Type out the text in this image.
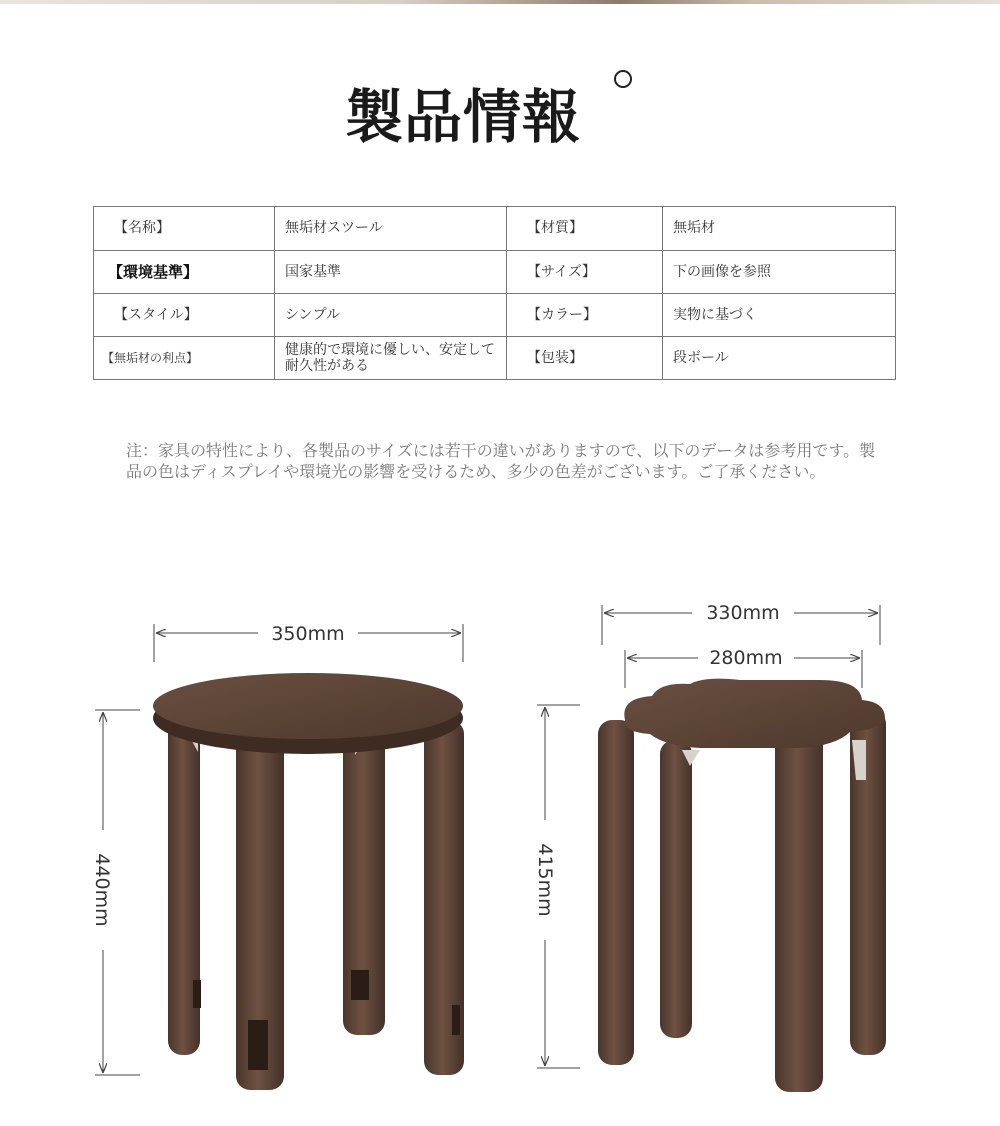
製品情報
【名称】	無垢材スツール	【材質】	無垢材
【環境基準】	国家基準	【サイズ】	下の画像を参照
【スタイル】	シンプル	【カラー】	実物に基づく
【無垢材の利点】	健康的で環境に優しい、安定して耐久性がある	【包装】	段ボール
注：家具の特性により、各製品のサイズには若干の違いがありますので、以下のデータは参考用です。製品の色はディスプレイや環境光の影響を受けるため、多少の色差がございます。ご了承ください。
350mm
440mm
330mm
280mm
415mm
